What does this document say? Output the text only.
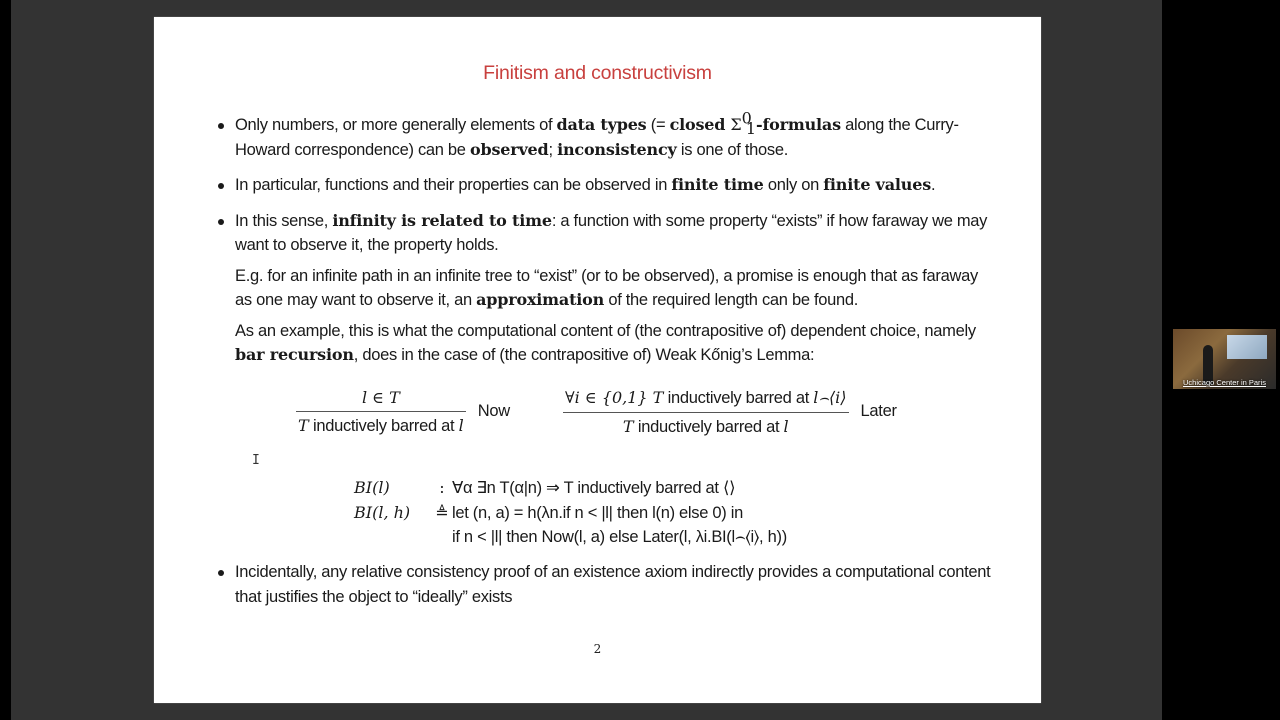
Finitism and constructivism
Only numbers, or more generally elements of data types (= closed $\Sigma^0_1$-formulas along the Curry-Howard correspondence) can be observed; inconsistency is one of those.
In particular, functions and their properties can be observed in finite time only on finite values.
In this sense, infinity is related to time: a function with some property “exists” if how faraway we may want to observe it, the property holds.
E.g. for an infinite path in an infinite tree to “exist” (or to be observed), a promise is enough that as faraway as one may want to observe it, an approximation of the required length can be found.
As an example, this is what the computational content of (the contrapositive of) dependent choice, namely bar recursion, does in the case of (the contrapositive of) Weak Kőnig’s Lemma:
$\frac{l \in T}{\text{T inductively barred at l}}$ Now	$\frac{\text{∀i ∈ \{0,1\} T inductively barred at l⌢⟨i⟩}}{\text{T inductively barred at l}}$ Later
BI(l)	: ∀α ∃n T(α|n) ⇒ T inductively barred at ⟨⟩
BI(l, h)	≜ let (n, a) = h(λn.if n < |l| then l(n) else 0) in
if n < |l| then Now(l, a) else Later(l, λi.BI(l⌢⟨i⟩, h))
Incidentally, any relative consistency proof of an existence axiom indirectly provides a computational content that justifies the object to “ideally” exists
2
I
Uchicago Center in Paris
